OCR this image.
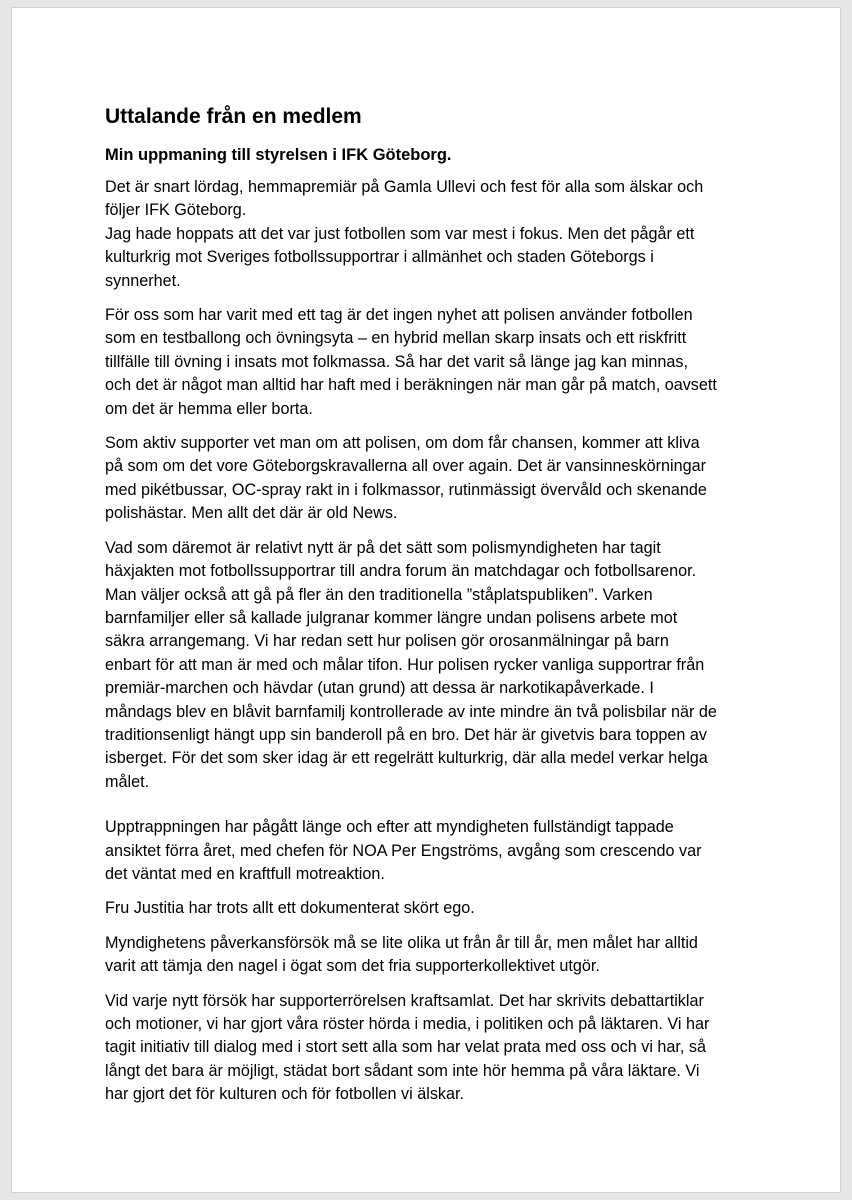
Uttalande från en medlem
Min uppmaning till styrelsen i IFK Göteborg.

Det är snart lördag, hemmapremiär på Gamla Ullevi och fest för alla som älskar och
följer IFK Göteborg.
Jag hade hoppats att det var just fotbollen som var mest i fokus. Men det pågår ett
kulturkrig mot Sveriges fotbollssupportrar i allmänhet och staden Göteborgs i
synnerhet.

För oss som har varit med ett tag är det ingen nyhet att polisen använder fotbollen
som en testballong och övningsyta – en hybrid mellan skarp insats och ett riskfritt
tillfälle till övning i insats mot folkmassa. Så har det varit så länge jag kan minnas,
och det är något man alltid har haft med i beräkningen när man går på match, oavsett
om det är hemma eller borta.

Som aktiv supporter vet man om att polisen, om dom får chansen, kommer att kliva
på som om det vore Göteborgskravallerna all over again. Det är vansinneskörningar
med pikétbussar, OC-spray rakt in i folkmassor, rutinmässigt övervåld och skenande
polishästar. Men allt det där är old News.

Vad som däremot är relativt nytt är på det sätt som polismyndigheten har tagit
häxjakten mot fotbollssupportrar till andra forum än matchdagar och fotbollsarenor.
Man väljer också att gå på fler än den traditionella ”ståplatspubliken”. Varken
barnfamiljer eller så kallade julgranar kommer längre undan polisens arbete mot
säkra arrangemang. Vi har redan sett hur polisen gör orosanmälningar på barn
enbart för att man är med och målar tifon. Hur polisen rycker vanliga supportrar från
premiär-marchen och hävdar (utan grund) att dessa är narkotikapåverkade. I
måndags blev en blåvit barnfamilj kontrollerade av inte mindre än två polisbilar när de
traditionsenligt hängt upp sin banderoll på en bro. Det här är givetvis bara toppen av
isberget. För det som sker idag är ett regelrätt kulturkrig, där alla medel verkar helga
målet.

Upptrappningen har pågått länge och efter att myndigheten fullständigt tappade
ansiktet förra året, med chefen för NOA Per Engströms, avgång som crescendo var
det väntat med en kraftfull motreaktion.

Fru Justitia har trots allt ett dokumenterat skört ego.

Myndighetens påverkansförsök må se lite olika ut från år till år, men målet har alltid
varit att tämja den nagel i ögat som det fria supporterkollektivet utgör.

Vid varje nytt försök har supporterrörelsen kraftsamlat. Det har skrivits debattartiklar
och motioner, vi har gjort våra röster hörda i media, i politiken och på läktaren. Vi har
tagit initiativ till dialog med i stort sett alla som har velat prata med oss och vi har, så
långt det bara är möjligt, städat bort sådant som inte hör hemma på våra läktare. Vi
har gjort det för kulturen och för fotbollen vi älskar.
